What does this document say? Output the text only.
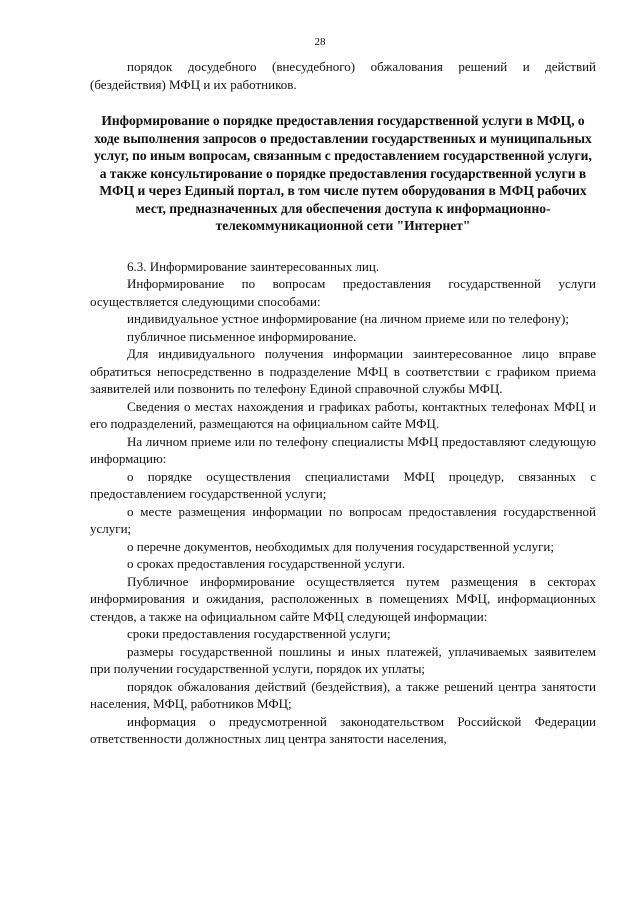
28

порядок досудебного (внесудебного) обжалования решений и действий (бездействия) МФЦ и их работников.

Информирование о порядке предоставления государственной услуги в МФЦ, о ходе выполнения запросов о предоставлении государственных и муниципальных услуг, по иным вопросам, связанным с предоставлением государственной услуги, а также консультирование о порядке предоставления государственной услуги в МФЦ и через Единый портал, в том числе путем оборудования в МФЦ рабочих мест, предназначенных для обеспечения доступа к информационно-телекоммуникационной сети "Интернет"

6.3. Информирование заинтересованных лиц.

Информирование по вопросам предоставления государственной услуги осуществляется следующими способами:

индивидуальное устное информирование (на личном приеме или по телефону);

публичное письменное информирование.

Для индивидуального получения информации заинтересованное лицо вправе обратиться непосредственно в подразделение МФЦ в соответствии с графиком приема заявителей или позвонить по телефону Единой справочной службы МФЦ.

Сведения о местах нахождения и графиках работы, контактных телефонах МФЦ и его подразделений, размещаются на официальном сайте МФЦ.

На личном приеме или по телефону специалисты МФЦ предоставляют следующую информацию:

о порядке осуществления специалистами МФЦ процедур, связанных с предоставлением государственной услуги;

о месте размещения информации по вопросам предоставления государственной услуги;

о перечне документов, необходимых для получения государственной услуги;

о сроках предоставления государственной услуги.

Публичное информирование осуществляется путем размещения в секторах информирования и ожидания, расположенных в помещениях МФЦ, информационных стендов, а также на официальном сайте МФЦ следующей информации:

сроки предоставления государственной услуги;

размеры государственной пошлины и иных платежей, уплачиваемых заявителем при получении государственной услуги, порядок их уплаты;

порядок обжалования действий (бездействия), а также решений центра занятости населения, МФЦ, работников МФЦ;

информация о предусмотренной законодательством Российской Федерации ответственности должностных лиц центра занятости населения,
